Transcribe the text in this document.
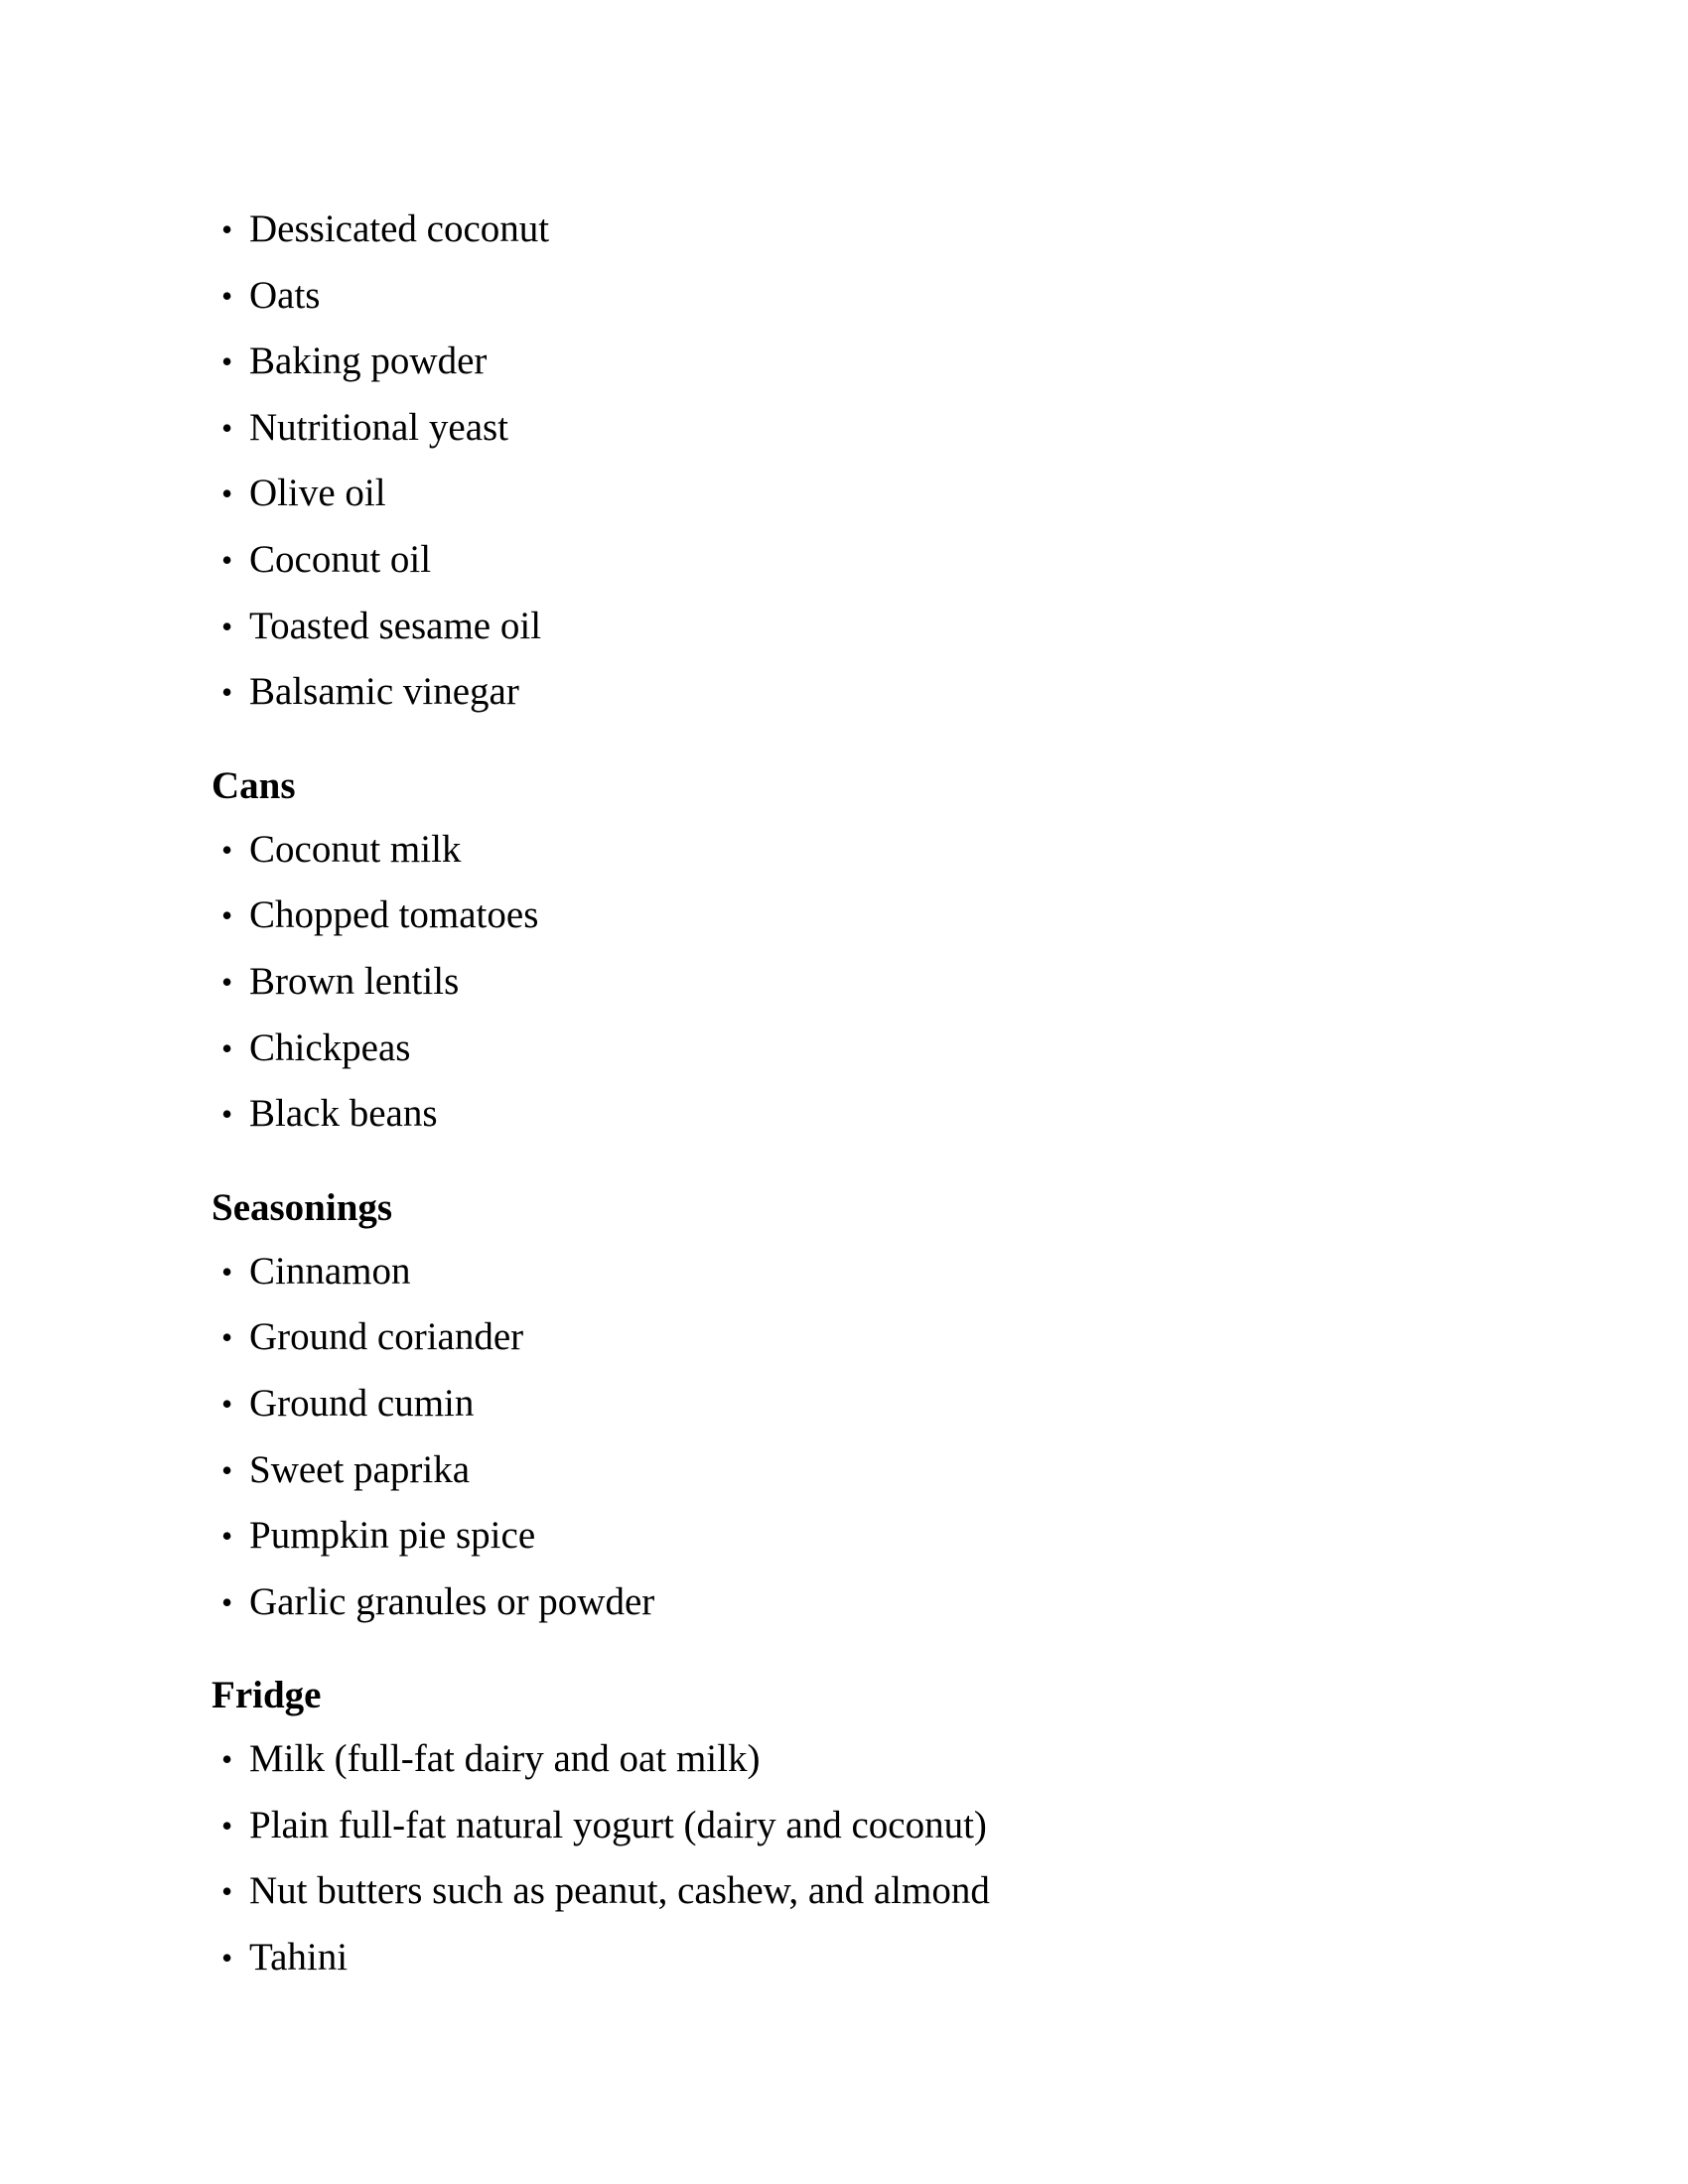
• Dessicated coconut
• Oats
• Baking powder
• Nutritional yeast
• Olive oil
• Coconut oil
• Toasted sesame oil
• Balsamic vinegar
Cans
• Coconut milk
• Chopped tomatoes
• Brown lentils
• Chickpeas
• Black beans
Seasonings
• Cinnamon
• Ground coriander
• Ground cumin
• Sweet paprika
• Pumpkin pie spice
• Garlic granules or powder
Fridge
• Milk (full-fat dairy and oat milk)
• Plain full-fat natural yogurt (dairy and coconut)
• Nut butters such as peanut, cashew, and almond
• Tahini
